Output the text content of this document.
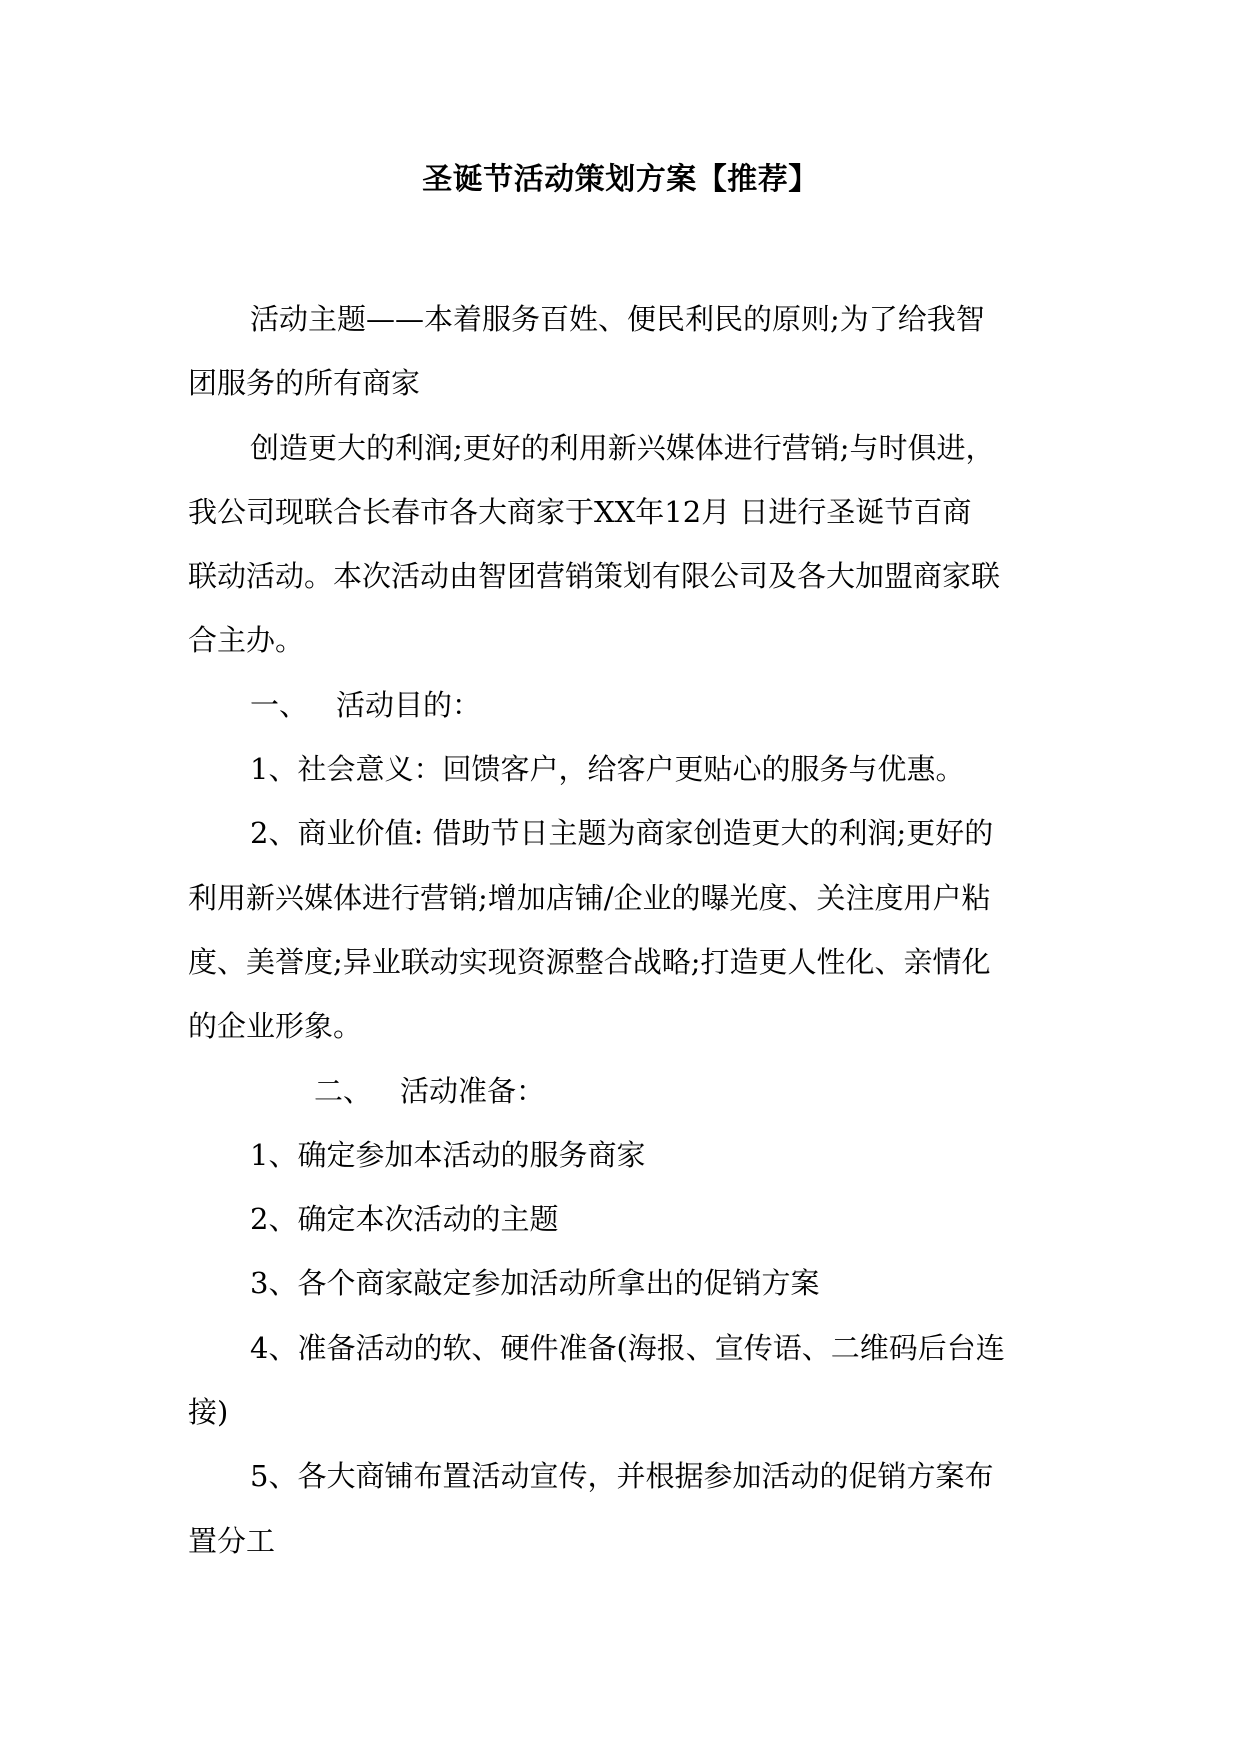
圣诞节活动策划方案【推荐】
活动主题——本着服务百姓、便民利民的原则;为了给我智
团服务的所有商家
创造更大的利润;更好的利用新兴媒体进行营销;与时俱进，
我公司现联合长春市各大商家于XX年12月 日进行圣诞节百商
联动活动。本次活动由智团营销策划有限公司及各大加盟商家联
合主办。
一、 活动目的：
1、社会意义：回馈客户，给客户更贴心的服务与优惠。
2、商业价值: 借助节日主题为商家创造更大的利润;更好的
利用新兴媒体进行营销;增加店铺/企业的曝光度、关注度用户粘
度、美誉度;异业联动实现资源整合战略;打造更人性化、亲情化
的企业形象。
二、 活动准备：
1、确定参加本活动的服务商家
2、确定本次活动的主题
3、各个商家敲定参加活动所拿出的促销方案
4、准备活动的软、硬件准备(海报、宣传语、二维码后台连
接)
5、各大商铺布置活动宣传，并根据参加活动的促销方案布
置分工
